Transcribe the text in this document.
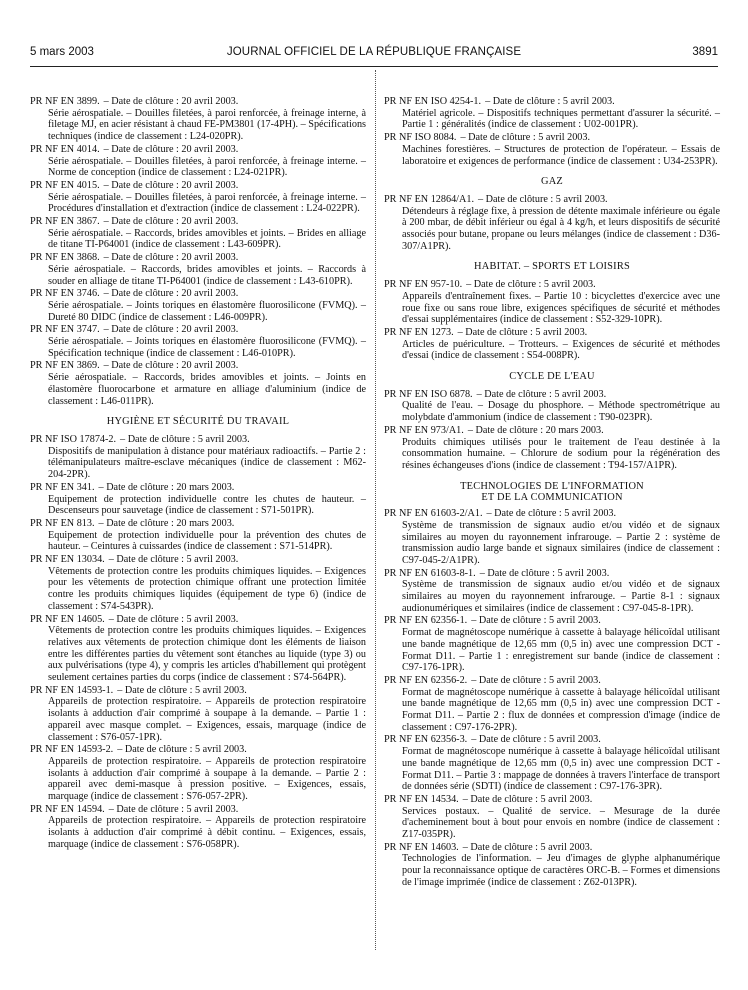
5 mars 2003	JOURNAL OFFICIEL DE LA RÉPUBLIQUE FRANÇAISE	3891
PR NF EN 3899. – Date de clôture : 20 avril 2003.
Série aérospatiale. – Douilles filetées, à paroi renforcée, à freinage interne, à filetage MJ, en acier résistant à chaud FE-PM3801 (17-4PH). – Spécifications techniques (indice de classement : L24-020PR).
PR NF EN 4014. – Date de clôture : 20 avril 2003.
Série aérospatiale. – Douilles filetées, à paroi renforcée, à freinage interne. – Norme de conception (indice de classement : L24-021PR).
PR NF EN 4015. – Date de clôture : 20 avril 2003.
Série aérospatiale. – Douilles filetées, à paroi renforcée, à freinage interne. – Procédures d'installation et d'extraction (indice de classement : L24-022PR).
PR NF EN 3867. – Date de clôture : 20 avril 2003.
Série aérospatiale. – Raccords, brides amovibles et joints. – Brides en alliage de titane TI-P64001 (indice de classement : L43-609PR).
PR NF EN 3868. – Date de clôture : 20 avril 2003.
Série aérospatiale. – Raccords, brides amovibles et joints. – Raccords à souder en alliage de titane TI-P64001 (indice de classement : L43-610PR).
PR NF EN 3746. – Date de clôture : 20 avril 2003.
Série aérospatiale. – Joints toriques en élastomère fluorosilicone (FVMQ). – Dureté 80 DIDC (indice de classement : L46-009PR).
PR NF EN 3747. – Date de clôture : 20 avril 2003.
Série aérospatiale. – Joints toriques en élastomère fluorosilicone (FVMQ). – Spécification technique (indice de classement : L46-010PR).
PR NF EN 3869. – Date de clôture : 20 avril 2003.
Série aérospatiale. – Raccords, brides amovibles et joints. – Joints en élastomère fluorocarbone et armature en alliage d'aluminium (indice de classement : L46-011PR).
HYGIÈNE ET SÉCURITÉ DU TRAVAIL
PR NF ISO 17874-2. – Date de clôture : 5 avril 2003.
Dispositifs de manipulation à distance pour matériaux radioactifs. – Partie 2 : télémanipulateurs maître-esclave mécaniques (indice de classement : M62-204-2PR).
PR NF EN 341. – Date de clôture : 20 mars 2003.
Equipement de protection individuelle contre les chutes de hauteur. – Descenseurs pour sauvetage (indice de classement : S71-501PR).
PR NF EN 813. – Date de clôture : 20 mars 2003.
Equipement de protection individuelle pour la prévention des chutes de hauteur. – Ceintures à cuissardes (indice de classement : S71-514PR).
PR NF EN 13034. – Date de clôture : 5 avril 2003.
Vêtements de protection contre les produits chimiques liquides. – Exigences pour les vêtements de protection chimique offrant une protection limitée contre les produits chimiques liquides (équipement de type 6) (indice de classement : S74-543PR).
PR NF EN 14605. – Date de clôture : 5 avril 2003.
Vêtements de protection contre les produits chimiques liquides. – Exigences relatives aux vêtements de protection chimique dont les éléments de liaison entre les différentes parties du vêtement sont étanches au liquide (type 3) ou aux pulvérisations (type 4), y compris les articles d'habillement qui protègent seulement certaines parties du corps (indice de classement : S74-564PR).
PR NF EN 14593-1. – Date de clôture : 5 avril 2003.
Appareils de protection respiratoire. – Appareils de protection respiratoire isolants à adduction d'air comprimé à soupape à la demande. – Partie 1 : appareil avec masque complet. – Exigences, essais, marquage (indice de classement : S76-057-1PR).
PR NF EN 14593-2. – Date de clôture : 5 avril 2003.
Appareils de protection respiratoire. – Appareils de protection respiratoire isolants à adduction d'air comprimé à soupape à la demande. – Partie 2 : appareil avec demi-masque à pression positive. – Exigences, essais, marquage (indice de classement : S76-057-2PR).
PR NF EN 14594. – Date de clôture : 5 avril 2003.
Appareils de protection respiratoire. – Appareils de protection respiratoire isolants à adduction d'air comprimé à débit continu. – Exigences, essais, marquage (indice de classement : S76-058PR).
PR NF EN ISO 4254-1. – Date de clôture : 5 avril 2003.
Matériel agricole. – Dispositifs techniques permettant d'assurer la sécurité. – Partie 1 : généralités (indice de classement : U02-001PR).
PR NF ISO 8084. – Date de clôture : 5 avril 2003.
Machines forestières. – Structures de protection de l'opérateur. – Essais de laboratoire et exigences de performance (indice de classement : U34-253PR).
GAZ
PR NF EN 12864/A1. – Date de clôture : 5 avril 2003.
Détendeurs à réglage fixe, à pression de détente maximale inférieure ou égale à 200 mbar, de débit inférieur ou égal à 4 kg/h, et leurs dispositifs de sécurité associés pour butane, propane ou leurs mélanges (indice de classement : D36-307/A1PR).
HABITAT. – SPORTS ET LOISIRS
PR NF EN 957-10. – Date de clôture : 5 avril 2003.
Appareils d'entraînement fixes. – Partie 10 : bicyclettes d'exercice avec une roue fixe ou sans roue libre, exigences spécifiques de sécurité et méthodes d'essai supplémentaires (indice de classement : S52-329-10PR).
PR NF EN 1273. – Date de clôture : 5 avril 2003.
Articles de puériculture. – Trotteurs. – Exigences de sécurité et méthodes d'essai (indice de classement : S54-008PR).
CYCLE DE L'EAU
PR NF EN ISO 6878. – Date de clôture : 5 avril 2003.
Qualité de l'eau. – Dosage du phosphore. – Méthode spectrométrique au molybdate d'ammonium (indice de classement : T90-023PR).
PR NF EN 973/A1. – Date de clôture : 20 mars 2003.
Produits chimiques utilisés pour le traitement de l'eau destinée à la consommation humaine. – Chlorure de sodium pour la régénération des résines échangeuses d'ions (indice de classement : T94-157/A1PR).
TECHNOLOGIES DE L'INFORMATION
ET DE LA COMMUNICATION
PR NF EN 61603-2/A1. – Date de clôture : 5 avril 2003.
Système de transmission de signaux audio et/ou vidéo et de signaux similaires au moyen du rayonnement infrarouge. – Partie 2 : système de transmission audio large bande et signaux similaires (indice de classement : C97-045-2/A1PR).
PR NF EN 61603-8-1. – Date de clôture : 5 avril 2003.
Système de transmission de signaux audio et/ou vidéo et de signaux similaires au moyen du rayonnement infrarouge. – Partie 8-1 : signaux audionumériques et similaires (indice de classement : C97-045-8-1PR).
PR NF EN 62356-1. – Date de clôture : 5 avril 2003.
Format de magnétoscope numérique à cassette à balayage hélicoïdal utilisant une bande magnétique de 12,65 mm (0,5 in) avec une compression DCT - Format D11. – Partie 1 : enregistrement sur bande (indice de classement : C97-176-1PR).
PR NF EN 62356-2. – Date de clôture : 5 avril 2003.
Format de magnétoscope numérique à cassette à balayage hélicoïdal utilisant une bande magnétique de 12,65 mm (0,5 in) avec une compression DCT - Format D11. – Partie 2 : flux de données et compression d'image (indice de classement : C97-176-2PR).
PR NF EN 62356-3. – Date de clôture : 5 avril 2003.
Format de magnétoscope numérique à cassette à balayage hélicoïdal utilisant une bande magnétique de 12,65 mm (0,5 in) avec une compression DCT - Format D11. – Partie 3 : mappage de données à travers l'interface de transport de données série (SDTI) (indice de classement : C97-176-3PR).
PR NF EN 14534. – Date de clôture : 5 avril 2003.
Services postaux. – Qualité de service. – Mesurage de la durée d'acheminement bout à bout pour envois en nombre (indice de classement : Z17-035PR).
PR NF EN 14603. – Date de clôture : 5 avril 2003.
Technologies de l'information. – Jeu d'images de glyphe alphanumérique pour la reconnaissance optique de caractères ORC-B. – Formes et dimensions de l'image imprimée (indice de classement : Z62-013PR).
